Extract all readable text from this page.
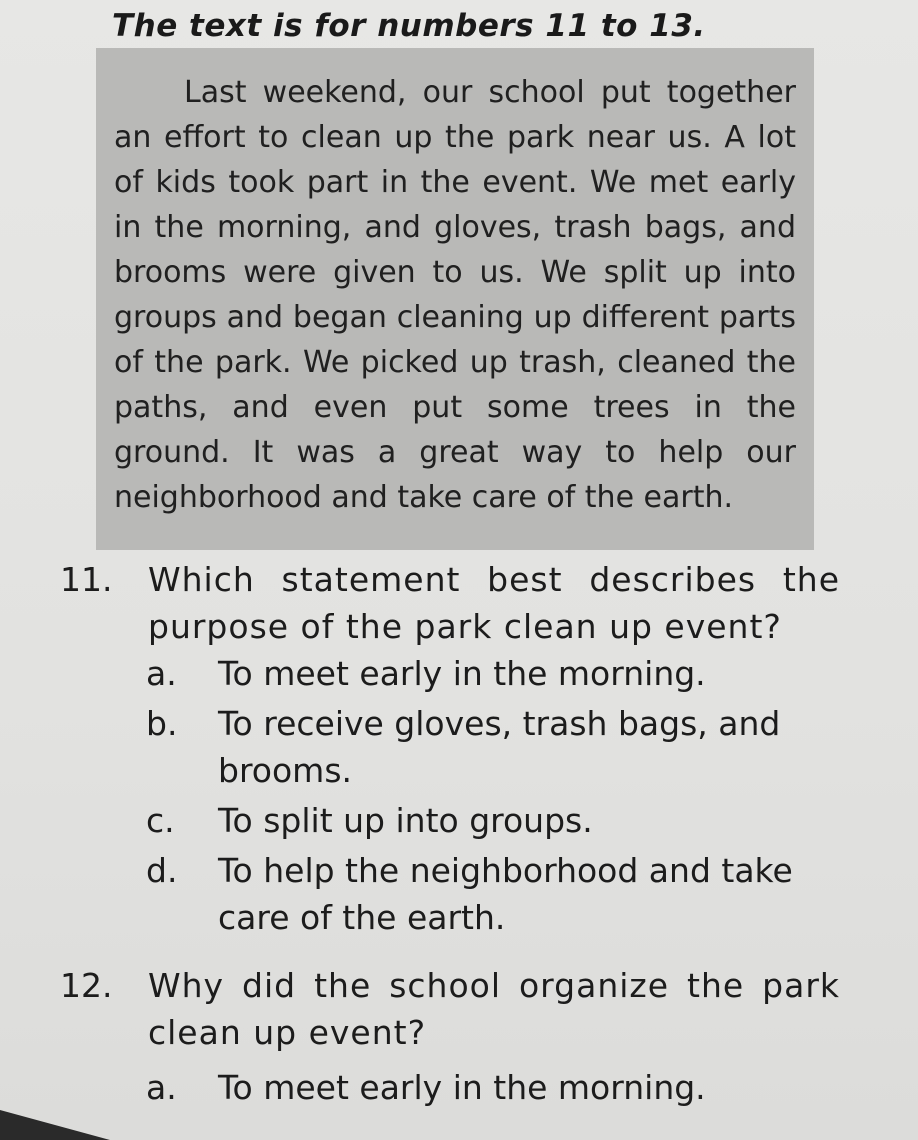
The text is for numbers 11 to 13.

Last weekend, our school put together an effort to clean up the park near us. A lot of kids took part in the event. We met early in the morning, and gloves, trash bags, and brooms were given to us. We split up into groups and began cleaning up different parts of the park. We picked up trash, cleaned the paths, and even put some trees in the ground. It was a great way to help our neighborhood and take care of the earth.

11. Which statement best describes the purpose of the park clean up event?
a. To meet early in the morning.
b. To receive gloves, trash bags, and brooms.
c. To split up into groups.
d. To help the neighborhood and take care of the earth.
12. Why did the school organize the park clean up event?
a. To meet early in the morning.
